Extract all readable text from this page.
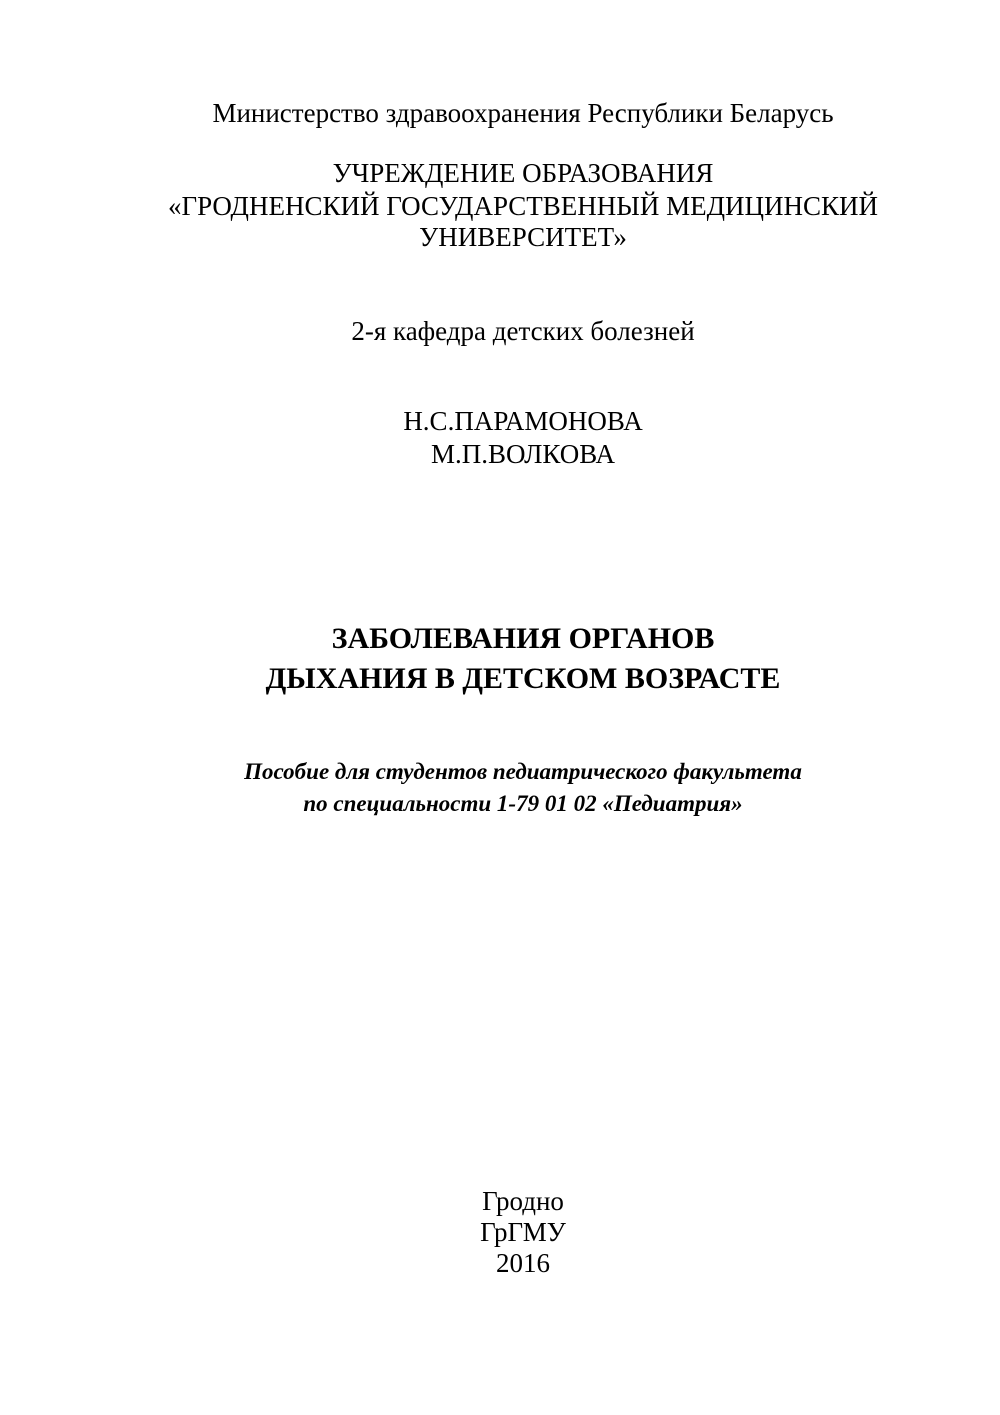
Министерство здравоохранения Республики Беларусь
УЧРЕЖДЕНИЕ ОБРАЗОВАНИЯ
«ГРОДНЕНСКИЙ ГОСУДАРСТВЕННЫЙ МЕДИЦИНСКИЙ
УНИВЕРСИТЕТ»
2-я кафедра детских болезней
Н.С.ПАРАМОНОВА
М.П.ВОЛКОВА
ЗАБОЛЕВАНИЯ ОРГАНОВ
ДЫХАНИЯ В ДЕТСКОМ ВОЗРАСТЕ
Пособие для студентов педиатрического факультета
по специальности 1-79 01 02 «Педиатрия»
Гродно
ГрГМУ
2016
